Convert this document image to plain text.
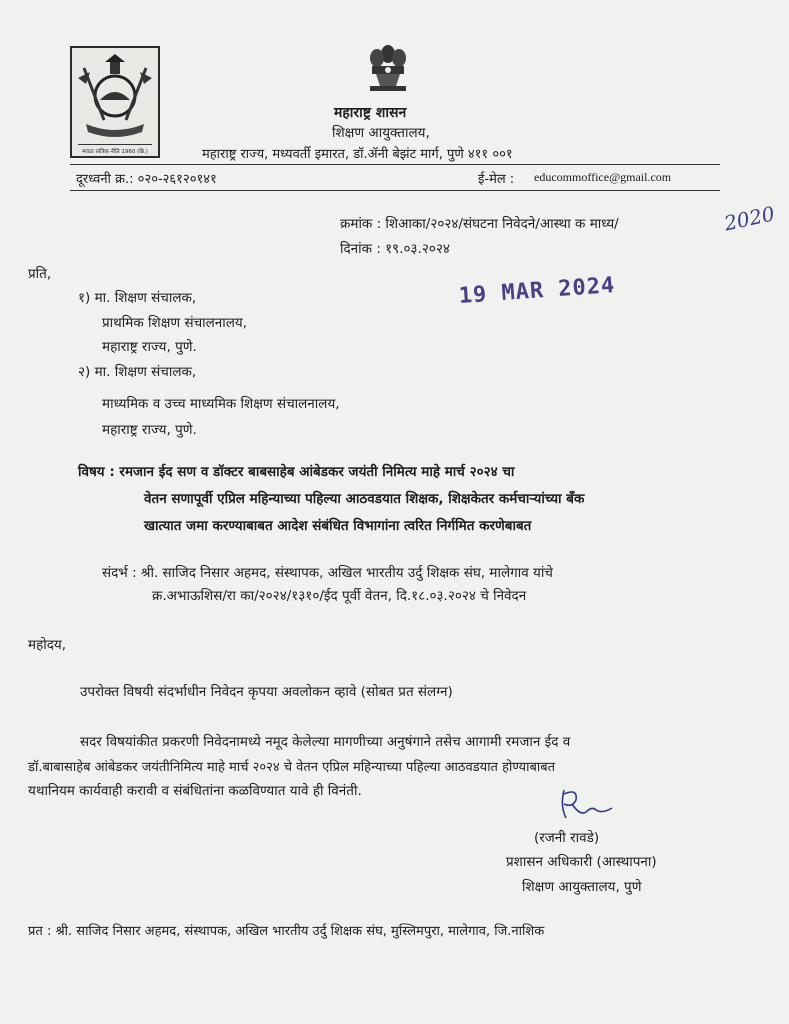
मराठा तांत्रिक नीति 1960 (ब्रि.)
महाराष्ट्र शासन
शिक्षण आयुक्तालय,
महाराष्ट्र राज्य, मध्यवर्ती इमारत, डॉ.ॲनी बेझंट मार्ग, पुणे ४११ ००१
दूरध्वनी क्र.: ०२०-२६१२०१४१	ई-मेल : educommoffice@gmail.com
क्रमांक : शिआका/२०२४/संघटना निवेदने/आस्था क माध्य/	2020
दिनांक : १९.०३.२०२४
19 MAR 2024
प्रति,
१) मा. शिक्षण संचालक,
प्राथमिक शिक्षण संचालनालय,
महाराष्ट्र राज्य, पुणे.
२) मा. शिक्षण संचालक,
माध्यमिक व उच्च माध्यमिक शिक्षण संचालनालय,
महाराष्ट्र राज्य, पुणे.
विषय : रमजान ईद सण व डॉक्टर बाबसाहेब आंबेडकर जयंती निमित्य माहे मार्च २०२४ चा
वेतन सणापूर्वी एप्रिल महिन्याच्या पहिल्या आठवडयात शिक्षक, शिक्षकेतर कर्मचाऱ्यांच्या बँक
खात्यात जमा करण्याबाबत आदेश संबंधित विभागांना त्वरित निर्गमित करणेबाबत
संदर्भ : श्री. साजिद निसार अहमद, संस्थापक, अखिल भारतीय उर्दु शिक्षक संघ, मालेगाव यांचे
क्र.अभाऊशिस/रा का/२०२४/१३१०/ईद पूर्वी वेतन, दि.१८.०३.२०२४ चे निवेदन
महोदय,
उपरोक्त विषयी संदर्भाधीन निवेदन कृपया अवलोकन व्हावे (सोबत प्रत संलग्न)
सदर विषयांकीत प्रकरणी निवेदनामध्ये नमूद केलेल्या मागणीच्या अनुषंगाने तसेच आगामी रमजान ईद व
डॉ.बाबासाहेब आंबेडकर जयंतीनिमित्य माहे मार्च २०२४ चे वेतन एप्रिल महिन्याच्या पहिल्या आठवडयात होण्याबाबत
यथानियम कार्यवाही करावी व संबंधितांना कळविण्यात यावे ही विनंती.
(रजनी रावडे)
प्रशासन अधिकारी (आस्थापना)
शिक्षण आयुक्तालय, पुणे
प्रत : श्री. साजिद निसार अहमद, संस्थापक, अखिल भारतीय उर्दु शिक्षक संघ, मुस्लिमपुरा, मालेगाव, जि.नाशिक
